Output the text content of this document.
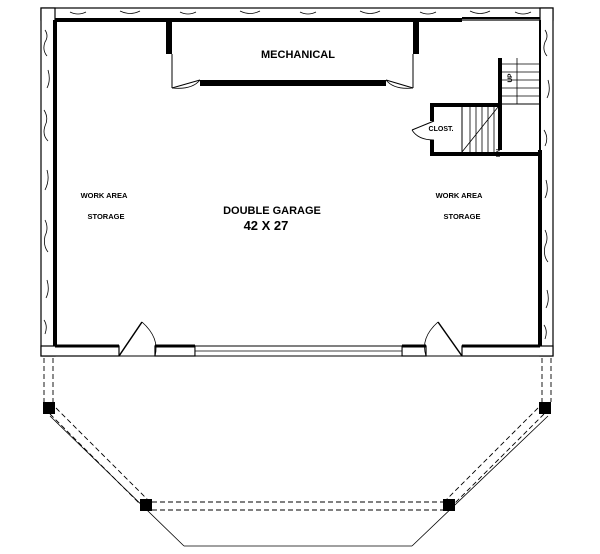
MECHANICAL
DOUBLE GARAGE
42 X 27
WORK AREA
STORAGE
WORK AREA
STORAGE
CLOST.
UP
DN
